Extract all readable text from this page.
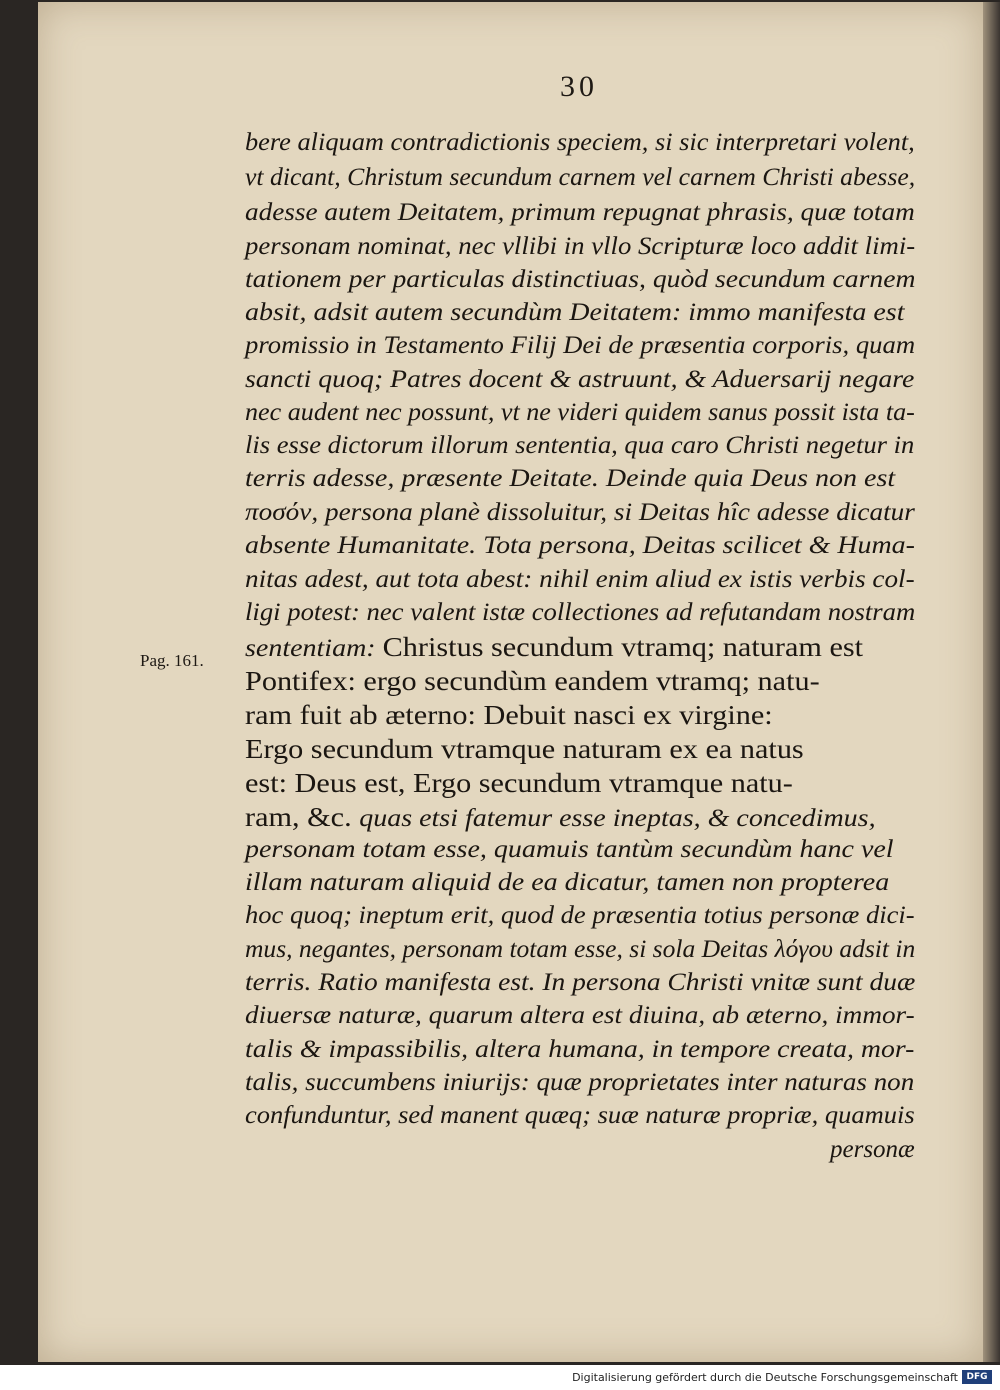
30
Pag. 161.
bere aliquam contradictionis speciem, si sic interpretari volent,
vt dicant, Christum secundum carnem vel carnem Christi abesse,
adesse autem Deitatem, primum repugnat phrasis, quæ totam
personam nominat, nec vllibi in vllo Scripturæ loco addit limi-
tationem per particulas distinctiuas, quòd secundum carnem
absit, adsit autem secundùm Deitatem: immo manifesta est
promissio in Testamento Filij Dei de præsentia corporis, quam
sancti quoq; Patres docent & astruunt, & Aduersarij negare
nec audent nec possunt, vt ne videri quidem sanus possit ista ta-
lis esse dictorum illorum sententia, qua caro Christi negetur in
terris adesse, præsente Deitate. Deinde quia Deus non est
ποσόν, persona planè dissoluitur, si Deitas hîc adesse dicatur
absente Humanitate. Tota persona, Deitas scilicet & Huma-
nitas adest, aut tota abest: nihil enim aliud ex istis verbis col-
ligi potest: nec valent istæ collectiones ad refutandam nostram
sententiam: Christus secundum vtramq; naturam est
Pontifex: ergo secundùm eandem vtramq; natu-
ram fuit ab æterno: Debuit nasci ex virgine:
Ergo secundum vtramque naturam ex ea natus
est: Deus est, Ergo secundum vtramque natu-
ram, &c. quas etsi fatemur esse ineptas, & concedimus,
personam totam esse, quamuis tantùm secundùm hanc vel
illam naturam aliquid de ea dicatur, tamen non propterea
hoc quoq; ineptum erit, quod de præsentia totius personæ dici-
mus, negantes, personam totam esse, si sola Deitas λόγου adsit in
terris. Ratio manifesta est. In persona Christi vnitæ sunt duæ
diuersæ naturæ, quarum altera est diuina, ab æterno, immor-
talis & impassibilis, altera humana, in tempore creata, mor-
talis, succumbens iniurijs: quæ proprietates inter naturas non
confunduntur, sed manent quæq; suæ naturæ propriæ, quamuis
personæ
Digitalisierung gefördert durch die Deutsche Forschungsgemeinschaft DFG
